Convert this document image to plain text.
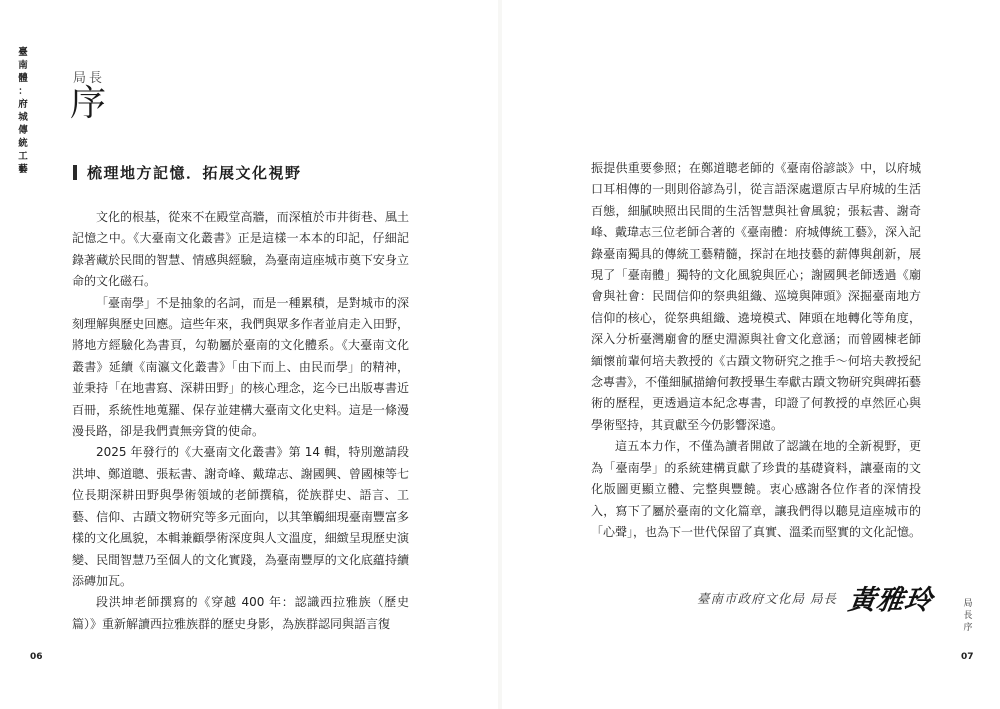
臺
南
體
：
府
城
傳
統
工
藝
局長
序
梳理地方記憶．拓展文化視野

文化的根基，從來不在殿堂高牆，而深植於市井街巷、風土記憶之中。《大臺南文化叢書》正是這樣一本本的印記，仔細記錄著藏於民間的智慧、情感與經驗，為臺南這座城市奠下安身立命的文化磁石。

「臺南學」不是抽象的名詞，而是一種累積，是對城市的深刻理解與歷史回應。這些年來，我們與眾多作者並肩走入田野，將地方經驗化為書頁，勾勒屬於臺南的文化體系。《大臺南文化叢書》延續《南瀛文化叢書》「由下而上、由民而學」的精神，並秉持「在地書寫、深耕田野」的核心理念，迄今已出版專書近百冊，系統性地蒐羅、保存並建構大臺南文化史料。這是一條漫漫長路，卻是我們責無旁貸的使命。

2025 年發行的《大臺南文化叢書》第 14 輯，特別邀請段洪坤、鄭道聰、張耘書、謝奇峰、戴瑋志、謝國興、曾國棟等七位長期深耕田野與學術領域的老師撰稿，從族群史、語言、工藝、信仰、古蹟文物研究等多元面向，以其筆觸細現臺南豐富多樣的文化風貌，本輯兼顧學術深度與人文溫度，細緻呈現歷史演變、民間智慧乃至個人的文化實踐，為臺南豐厚的文化底蘊持續添磚加瓦。

段洪坤老師撰寫的《穿越 400 年：認識西拉雅族（歷史篇）》重新解讀西拉雅族群的歷史身影，為族群認同與語言復

06

振提供重要參照；在鄭道聰老師的《臺南俗諺談》中，以府城口耳相傳的一則則俗諺為引，從言語深處還原古早府城的生活百態，細膩映照出民間的生活智慧與社會風貌；張耘書、謝奇峰、戴瑋志三位老師合著的《臺南體：府城傳統工藝》，深入記錄臺南獨具的傳統工藝精髓，探討在地技藝的薪傳與創新，展現了「臺南體」獨特的文化風貌與匠心；謝國興老師透過《廟會與社會：民間信仰的祭典組織、巡境與陣頭》深掘臺南地方信仰的核心，從祭典組織、遶境模式、陣頭在地轉化等角度，深入分析臺灣廟會的歷史淵源與社會文化意涵；而曾國棟老師緬懷前輩何培夫教授的《古蹟文物研究之推手～何培夫教授紀念專書》，不僅細膩描繪何教授畢生奉獻古蹟文物研究與碑拓藝術的歷程，更透過這本紀念專書，印證了何教授的卓然匠心與學術堅持，其貢獻至今仍影響深遠。

這五本力作，不僅為讀者開啟了認識在地的全新視野，更為「臺南學」的系統建構貢獻了珍貴的基礎資料，讓臺南的文化版圖更顯立體、完整與豐饒。衷心感謝各位作者的深情投入，寫下了屬於臺南的文化篇章，讓我們得以聽見這座城市的「心聲」，也為下一世代保留了真實、溫柔而堅實的文化記憶。

臺南市政府文化局 局長 黃雅玲	局
長
序
07
